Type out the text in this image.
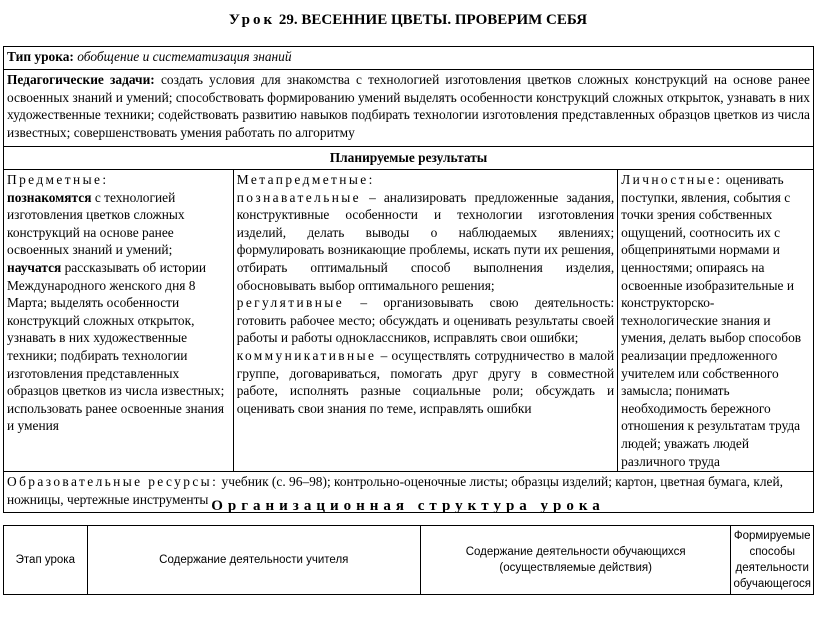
Урок 29. ВЕСЕННИЕ ЦВЕТЫ. ПРОВЕРИМ СЕБЯ
Тип урока: обобщение и систематизация знаний
Педагогические задачи: создать условия для знакомства с технологией изготовления цветков сложных конструкций на основе ранее освоенных знаний и умений; способствовать формированию умений выделять особенности конструкций сложных открыток, узнавать в них художественные техники; содействовать развитию навыков подбирать технологии изготовления представленных образцов цветков из числа известных; совершенствовать умения работать по алгоритму
Планируемые результаты
Предметные:
познакомятся с технологией изготовления цветков сложных конструкций на основе ранее освоенных знаний и умений;
научатся рассказывать об истории Международного женского дня 8 Марта; выделять особенности конструкций сложных открыток, узнавать в них художественные техники; подбирать технологии изготовления представленных образцов цветков из числа известных; использовать ранее освоенные знания и умения	Метапредметные:
познавательные – анализировать предложенные задания, конструктивные особенности и технологии изготовления изделий, делать выводы о наблюдаемых явлениях; формулировать возникающие проблемы, искать пути их решения, отбирать оптимальный способ выполнения изделия, обосновывать выбор оптимального решения;
регулятивные – организовывать свою деятельность: готовить рабочее место; обсуждать и оценивать результаты своей работы и работы одноклассников, исправлять свои ошибки;
коммуникативные – осуществлять сотрудничество в малой группе, договариваться, помогать друг другу в совместной работе, исполнять разные социальные роли; обсуждать и оценивать свои знания по теме, исправлять ошибки	Личностные: оценивать поступки, явления, события с точки зрения собственных ощущений, соотносить их с общепринятыми нормами и ценностями; опираясь на освоенные изобразительные и конструкторско-технологические знания и умения, делать выбор способов реализации предложенного учителем или собственного замысла; понимать необходимость бережного отношения к результатам труда людей; уважать людей различного труда
Образовательные ресурсы: учебник (с. 96–98); контрольно-оценочные листы; образцы изделий; картон, цветная бумага, клей, ножницы, чертежные инструменты Организационная структура урока
Этап урока	Содержание деятельности учителя	Содержание деятельности обучающихся (осуществляемые действия)	Формируемые способы деятельности обучающегося
